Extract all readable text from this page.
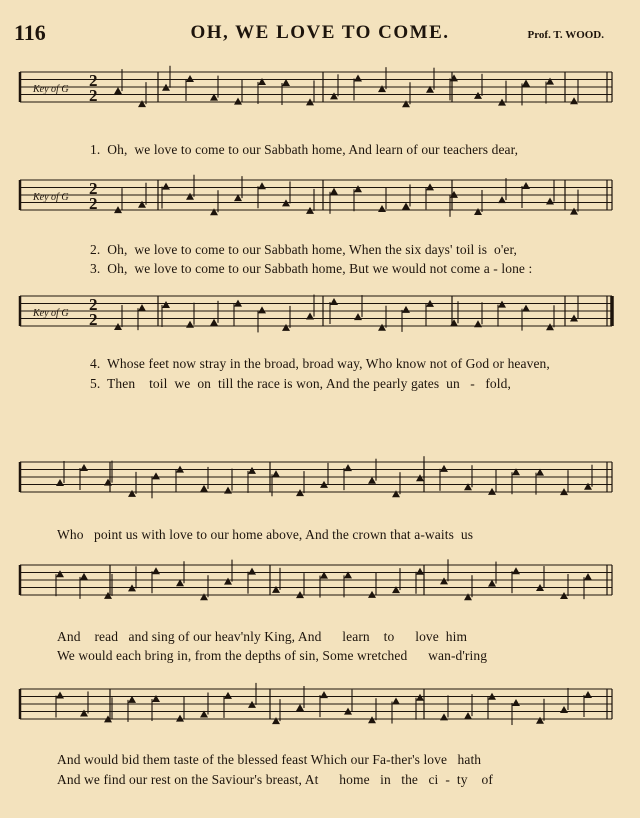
116	OH, WE LOVE TO COME.	Prof. T. WOOD.
Key of G 2
2
Key of G 2
2
Key of G 2
2
1.  Oh,  we love to come to our Sabbath home, And learn of our teachers dear,
2.  Oh,  we love to come to our Sabbath home, When the six days' toil is  o'er,
3.  Oh,  we love to come to our Sabbath home, But we would not come a - lone :
4.  Whose feet now stray in the broad, broad way, Who know not of God or heaven,
5.  Then    toil  we  on  till the race is won, And the pearly gates  un   -   fold,
Who   point us with love to our home above, And the crown that a-waits  us
And    read   and sing of our heav'nly King, And      learn    to      love  him
We would each bring in, from the depths of sin, Some wretched      wan-d'ring
And would bid them taste of the blessed feast Which our Fa-ther's love   hath
And we find our rest on the Saviour's breast, At      home   in   the   ci  -  ty    of
